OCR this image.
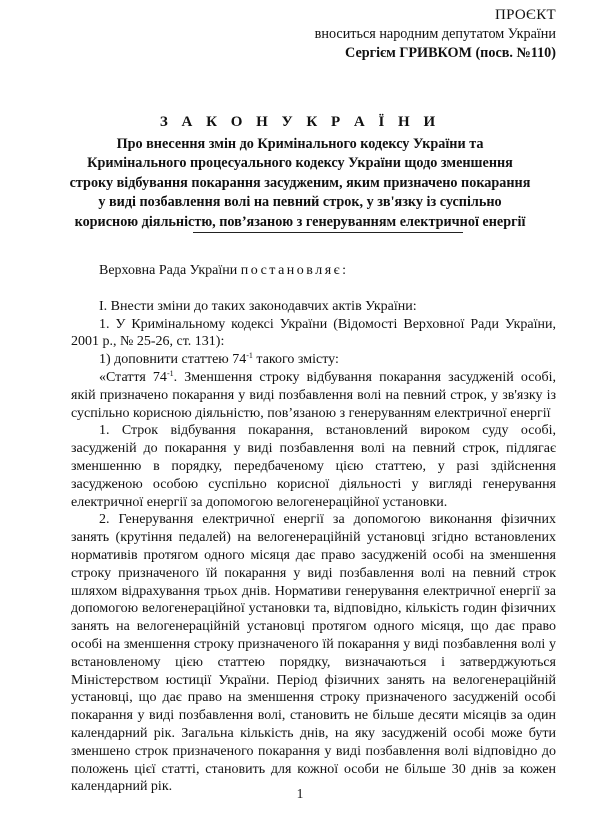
ПРОЄКТ
вноситься народним депутатом України
Сергієм ГРИВКОМ (посв. №110)
З А К О Н У К Р А Ї Н И
Про внесення змін до Кримінального кодексу України та Кримінального процесуального кодексу України щодо зменшення строку відбування покарання засудженим, яким призначено покарання у виді позбавлення волі на певний строк, у зв'язку із суспільно корисною діяльністю, пов’язаною з генеруванням електричної енергії

Верховна Рада України постановляє:

І. Внести зміни до таких законодавчих актів України:

1. У Кримінальному кодексі України (Відомості Верховної Ради України, 2001 р., № 25-26, ст. 131):

1) доповнити статтею $74^{-1}$ такого змісту:

«Стаття $74^{-1}$. Зменшення строку відбування покарання засудженій особі, якій призначено покарання у виді позбавлення волі на певний строк, у зв'язку із суспільно корисною діяльністю, пов’язаною з генеруванням електричної енергії

1. Строк відбування покарання, встановлений вироком суду особі, засудженій до покарання у виді позбавлення волі на певний строк, підлягає зменшенню в порядку, передбаченому цією статтею, у разі здійснення засудженою особою суспільно корисної діяльності у вигляді генерування електричної енергії за допомогою велогенераційної установки.

2. Генерування електричної енергії за допомогою виконання фізичних занять (крутіння педалей) на велогенераційній установці згідно встановлених нормативів протягом одного місяця дає право засудженій особі на зменшення строку призначеного їй покарання у виді позбавлення волі на певний строк шляхом відрахування трьох днів. Нормативи генерування електричної енергії за допомогою велогенераційної установки та, відповідно, кількість годин фізичних занять на велогенераційній установці протягом одного місяця, що дає право особі на зменшення строку призначеного їй покарання у виді позбавлення волі у встановленому цією статтею порядку, визначаються і затверджуються Міністерством юстиції України. Період фізичних занять на велогенераційній установці, що дає право на зменшення строку призначеного засудженій особі покарання у виді позбавлення волі, становить не більше десяти місяців за один календарний рік. Загальна кількість днів, на яку засудженій особі може бути зменшено строк призначеного покарання у виді позбавлення волі відповідно до положень цієї статті, становить для кожної особи не більше 30 днів за кожен календарний рік.	1
